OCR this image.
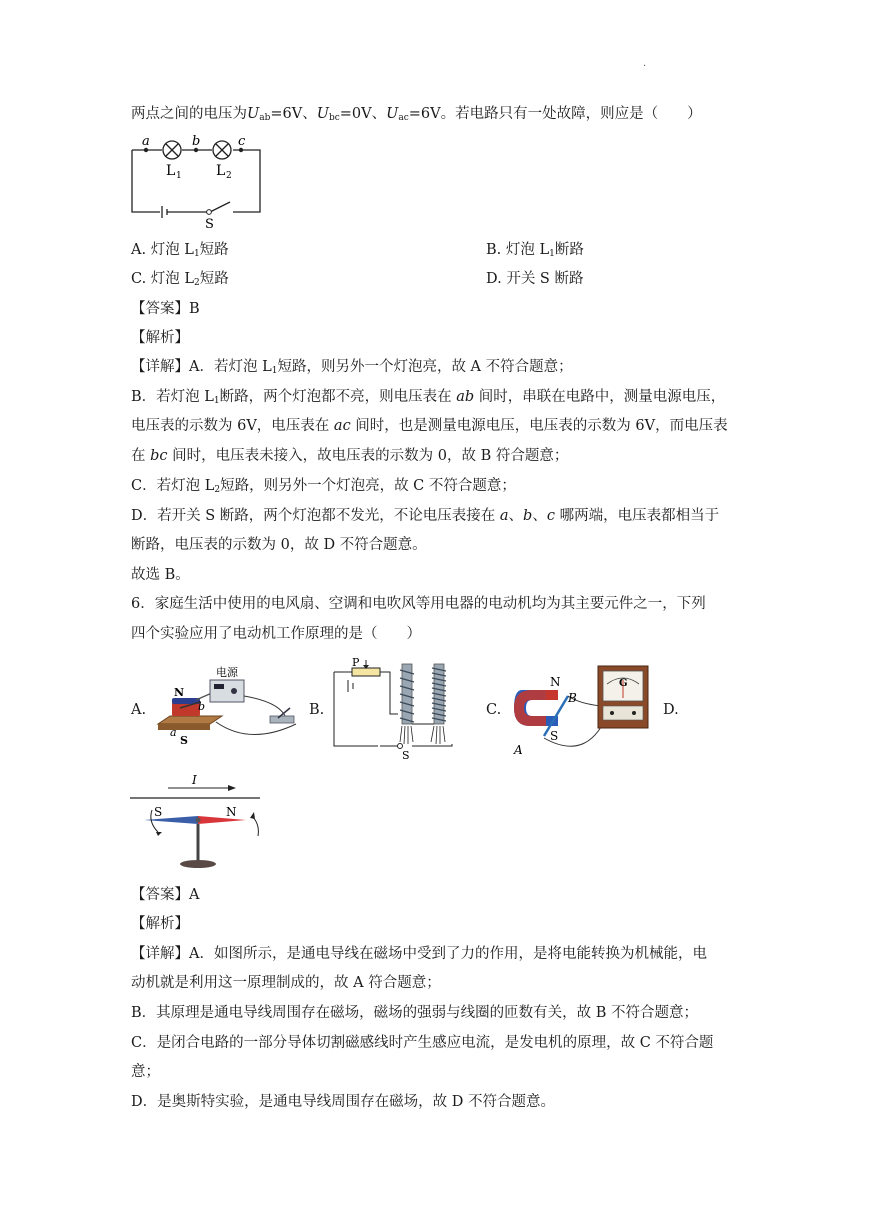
.
两点之间的电压为$U_{ab}=6V$、$U_{bc}=0V$、$U_{ac}=6V$。若电路只有一处故障，则应是（　　）
a	b	c
L 1 L 2
S
A. 灯泡 $L_1$短路	B. 灯泡 $L_1$断路
C. 灯泡 $L_2$短路	D. 开关 S 断路
【答案】B
【解析】
【详解】A．若灯泡 $L_1$短路，则另外一个灯泡亮，故 A 不符合题意；
B．若灯泡 $L_1$断路，两个灯泡都不亮，则电压表在 ab 间时，串联在电路中，测量电源电压，
电压表的示数为 6V，电压表在 ac 间时，也是测量电源电压，电压表的示数为 6V，而电压表
在 bc 间时，电压表未接入，故电压表的示数为 0，故 B 符合题意；
C．若灯泡 $L_2$短路，则另外一个灯泡亮，故 C 不符合题意；
D．若开关 S 断路，两个灯泡都不发光，不论电压表接在 a、b、c 哪两端，电压表都相当于
断路，电压表的示数为 0，故 D 不符合题意。
故选 B。
6．家庭生活中使用的电风扇、空调和电吹风等用电器的电动机均为其主要元件之一，下列
四个实验应用了电动机工作原理的是（　　）
A.	B.	C.	D.
电源
N
S
a
b
P
S
N
S
A
B
G
I
S	N
【答案】A
【解析】
【详解】A．如图所示，是通电导线在磁场中受到了力的作用，是将电能转换为机械能，电
动机就是利用这一原理制成的，故 A 符合题意；
B．其原理是通电导线周围存在磁场，磁场的强弱与线圈的匝数有关，故 B 不符合题意；
C．是闭合电路的一部分导体切割磁感线时产生感应电流，是发电机的原理，故 C 不符合题
意；
D．是奥斯特实验，是通电导线周围存在磁场，故 D 不符合题意。
